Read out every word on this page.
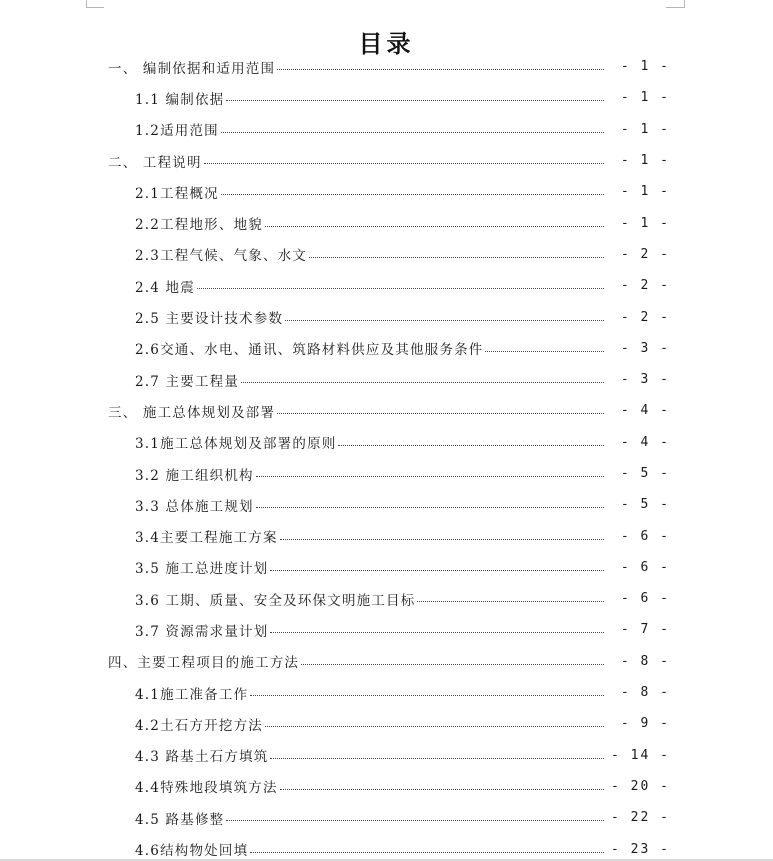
目录
一、 编制依据和适用范围	- 1 -
1.1 编制依据	- 1 -
1.2适用范围	- 1 -
二、 工程说明	- 1 -
2.1工程概况	- 1 -
2.2工程地形、地貌	- 1 -
2.3工程气候、气象、水文	- 2 -
2.4 地震	- 2 -
2.5 主要设计技术参数	- 2 -
2.6交通、水电、通讯、筑路材料供应及其他服务条件	- 3 -
2.7 主要工程量	- 3 -
三、 施工总体规划及部署	- 4 -
3.1施工总体规划及部署的原则	- 4 -
3.2 施工组织机构	- 5 -
3.3 总体施工规划	- 5 -
3.4主要工程施工方案	- 6 -
3.5 施工总进度计划	- 6 -
3.6 工期、质量、安全及环保文明施工目标	- 6 -
3.7 资源需求量计划	- 7 -
四、主要工程项目的施工方法	- 8 -
4.1施工准备工作	- 8 -
4.2土石方开挖方法	- 9 -
4.3 路基土石方填筑	- 14 -
4.4特殊地段填筑方法	- 20 -
4.5 路基修整	- 22 -
4.6结构物处回填	- 23 -
